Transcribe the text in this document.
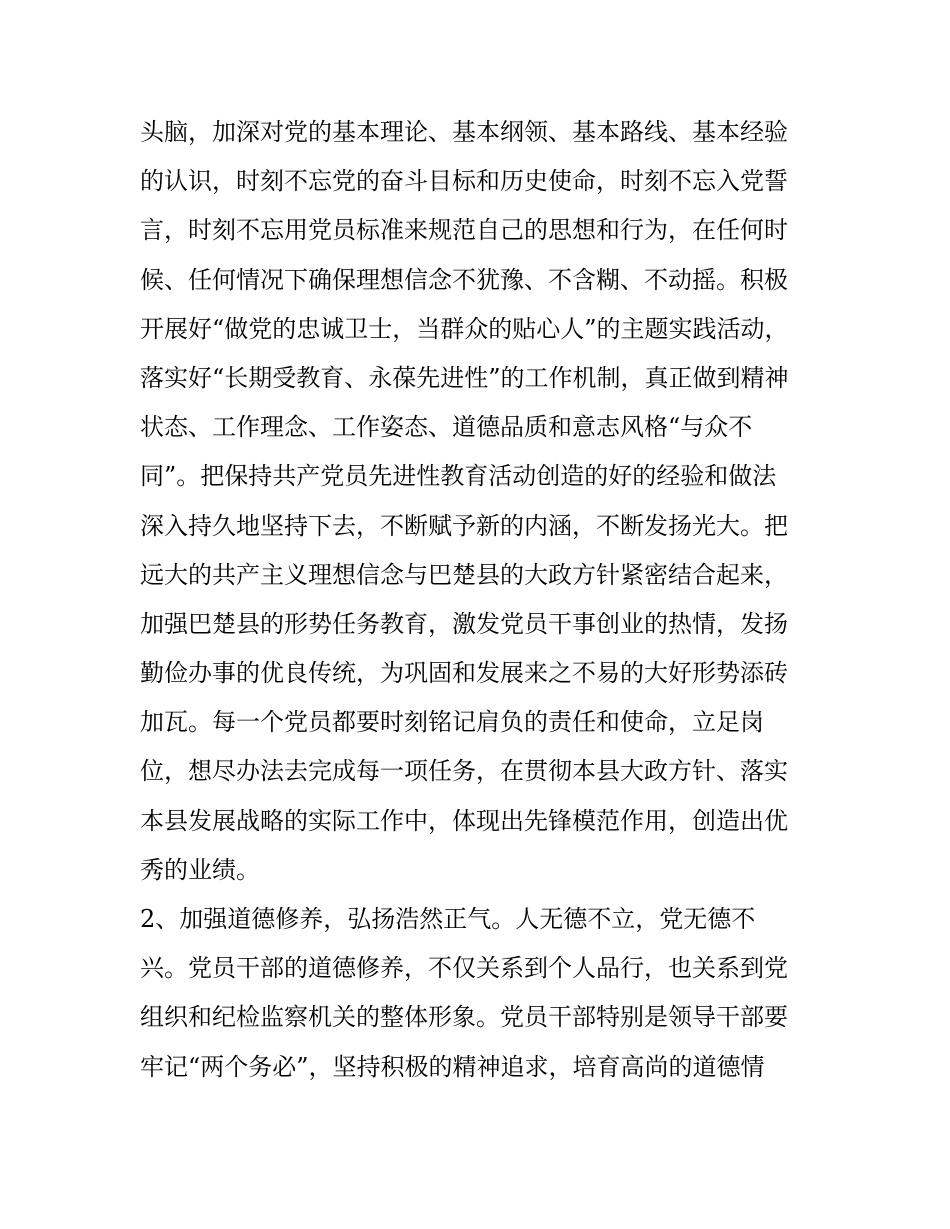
头脑，加深对党的基本理论、基本纲领、基本路线、基本经验
的认识，时刻不忘党的奋斗目标和历史使命，时刻不忘入党誓
言，时刻不忘用党员标准来规范自己的思想和行为，在任何时
候、任何情况下确保理想信念不犹豫、不含糊、不动摇。积极
开展好“做党的忠诚卫士，当群众的贴心人”的主题实践活动，
落实好“长期受教育、永葆先进性”的工作机制，真正做到精神
状态、工作理念、工作姿态、道德品质和意志风格“与众不
同”。把保持共产党员先进性教育活动创造的好的经验和做法
深入持久地坚持下去，不断赋予新的内涵，不断发扬光大。把
远大的共产主义理想信念与巴楚县的大政方针紧密结合起来，
加强巴楚县的形势任务教育，激发党员干事创业的热情，发扬
勤俭办事的优良传统，为巩固和发展来之不易的大好形势添砖
加瓦。每一个党员都要时刻铭记肩负的责任和使命，立足岗
位，想尽办法去完成每一项任务，在贯彻本县大政方针、落实
本县发展战略的实际工作中，体现出先锋模范作用，创造出优
秀的业绩。
2、加强道德修养，弘扬浩然正气。人无德不立，党无德不
兴。党员干部的道德修养，不仅关系到个人品行，也关系到党
组织和纪检监察机关的整体形象。党员干部特别是领导干部要
牢记“两个务必”，坚持积极的精神追求，培育高尚的道德情
